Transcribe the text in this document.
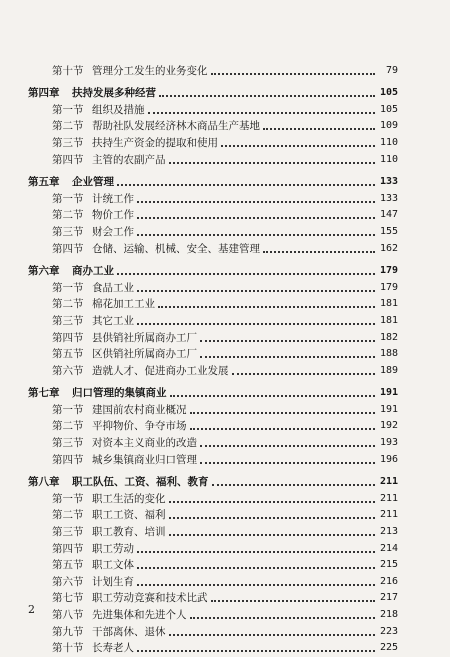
第十节 管理分工发生的业务变化	79
第四章 扶持发展多种经营	105
第一节 组织及措施	105
第二节 帮助社队发展经济林木商品生产基地	109
第三节 扶持生产资金的提取和使用	110
第四节 主管的农副产品	110
第五章 企业管理	133
第一节 计统工作	133
第二节 物价工作	147
第三节 财会工作	155
第四节 仓储、运输、机械、安全、基建管理	162
第六章 商办工业	179
第一节 食品工业	179
第二节 棉花加工工业	181
第三节 其它工业	181
第四节 县供销社所属商办工厂	182
第五节 区供销社所属商办工厂	188
第六节 造就人才、促进商办工业发展	189
第七章 归口管理的集镇商业	191
第一节 建国前农村商业概况	191
第二节 平抑物价、争夺市场	192
第三节 对资本主义商业的改造	193
第四节 城乡集镇商业归口管理	196
第八章 职工队伍、工资、福利、教育	211
第一节 职工生活的变化	211
第二节 职工工资、福利	211
第三节 职工教育、培训	213
第四节 职工劳动	214
第五节 职工文体	215
第六节 计划生育	216
第七节 职工劳动竞赛和技术比武	217
第八节 先进集体和先进个人	218
第九节 干部离休、退休	223
第十节 长寿老人	225
2
